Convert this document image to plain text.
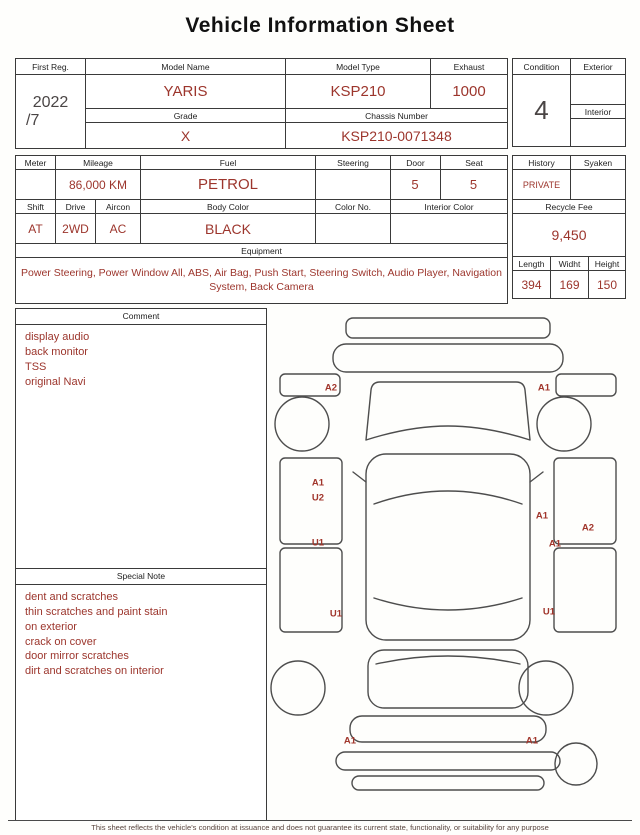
Vehicle Information Sheet
First Reg.	Model Name	Model Type	Exhaust

2022
/7	YARIS	KSP210	1000
	Grade	Chassis Number	
	X	KSP210-0071348	
Condition	Exterior
4	
	Interior

Meter	Mileage		Fuel	Steering	Door	Seat
	86,000 KM		PETROL		5	5
Shift	Drive	Aircon	Body Color	Color No.	Interior Color	
AT	2WD	AC	BLACK			
Equipment						
Power Steering, Power Window All, ABS, Air Bag, Push Start, Steering Switch, Audio Player, Navigation System, Back Camera						
History	Syaken
PRIVATE	
Recycle Fee	
9,450	
Length	Widht	Height
394	169	150
Comment
display audio
back monitor
TSS
original Navi
Special Note
dent and scratches
thin scratches and paint stain
on exterior
crack on cover
door mirror scratches
dirt and scratches on interior
A2	A1
A1
U2
U1
A1
A2
A1
U1	U1
A1	A1
This sheet reflects the vehicle's condition at issuance and does not guarantee its current state, functionality, or suitability for any purpose
